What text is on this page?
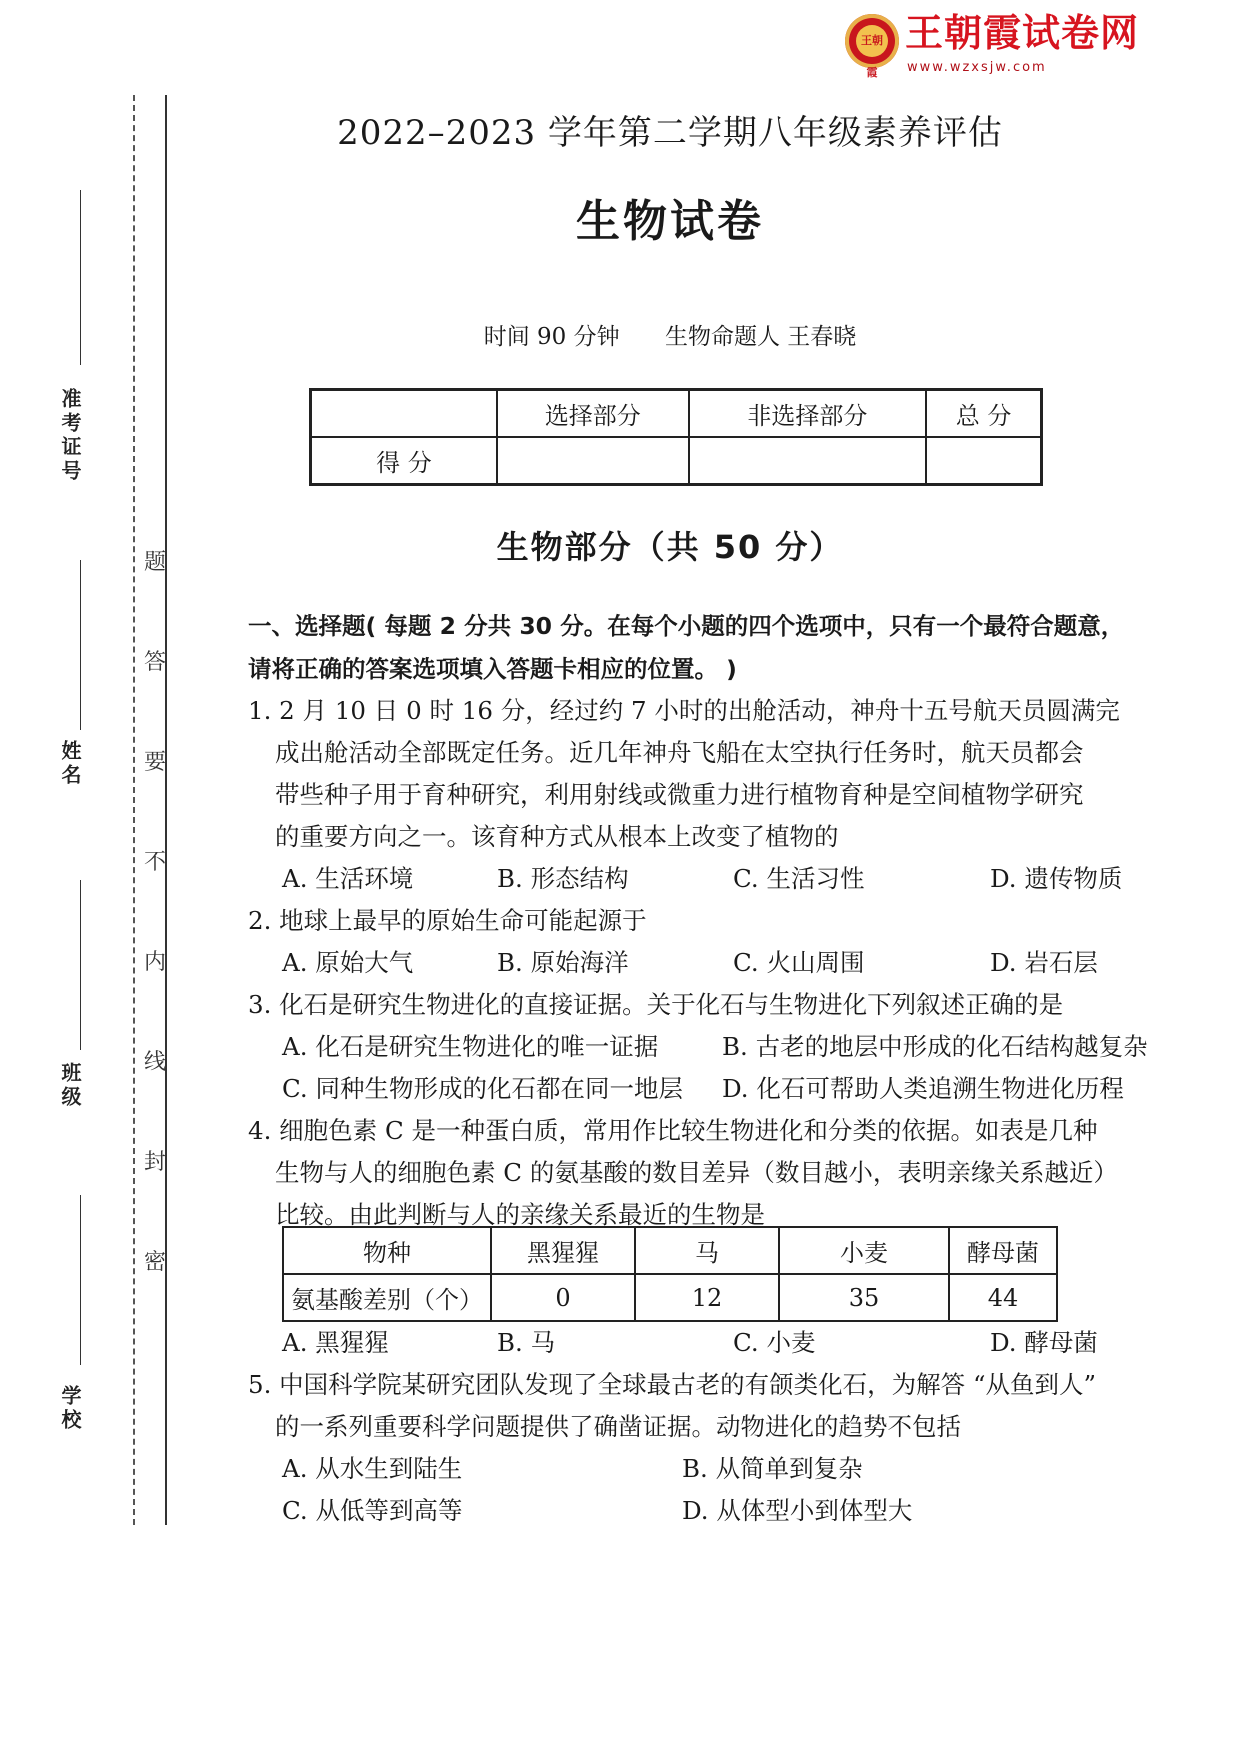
王朝霞
王朝霞试卷网
www.wzxsjw.com
准考证号
姓名
班级
学校
题
答
要
不
内
线
封
密
2022–2023 学年第二学期八年级素养评估
生物试卷
时间 90 分钟 生物命题人 王春晓
	选择部分	非选择部分	总 分
得 分			
生物部分（共 50 分）
一、选择题( 每题 2 分共 30 分。在每个小题的四个选项中，只有一个最符合题意，
请将正确的答案选项填入答题卡相应的位置。 )
1. 2 月 10 日 0 时 16 分，经过约 7 小时的出舱活动，神舟十五号航天员圆满完
成出舱活动全部既定任务。近几年神舟飞船在太空执行任务时，航天员都会
带些种子用于育种研究，利用射线或微重力进行植物育种是空间植物学研究
的重要方向之一。该育种方式从根本上改变了植物的
A. 生活环境	B. 形态结构	C. 生活习性	D. 遗传物质
2. 地球上最早的原始生命可能起源于
A. 原始大气	B. 原始海洋	C. 火山周围	D. 岩石层
3. 化石是研究生物进化的直接证据。关于化石与生物进化下列叙述正确的是
A. 化石是研究生物进化的唯一证据	B. 古老的地层中形成的化石结构越复杂
C. 同种生物形成的化石都在同一地层 D. 化石可帮助人类追溯生物进化历程
4. 细胞色素 C 是一种蛋白质，常用作比较生物进化和分类的依据。如表是几种
生物与人的细胞色素 C 的氨基酸的数目差异（数目越小，表明亲缘关系越近）
比较。由此判断与人的亲缘关系最近的生物是
物种	黑猩猩	马	小麦	酵母菌
氨基酸差别（个）	0	12	35	44
A. 黑猩猩	B. 马	C. 小麦	D. 酵母菌
5. 中国科学院某研究团队发现了全球最古老的有颌类化石，为解答 “从鱼到人”
的一系列重要科学问题提供了确凿证据。动物进化的趋势不包括
A. 从水生到陆生	B. 从简单到复杂
C. 从低等到高等	D. 从体型小到体型大
